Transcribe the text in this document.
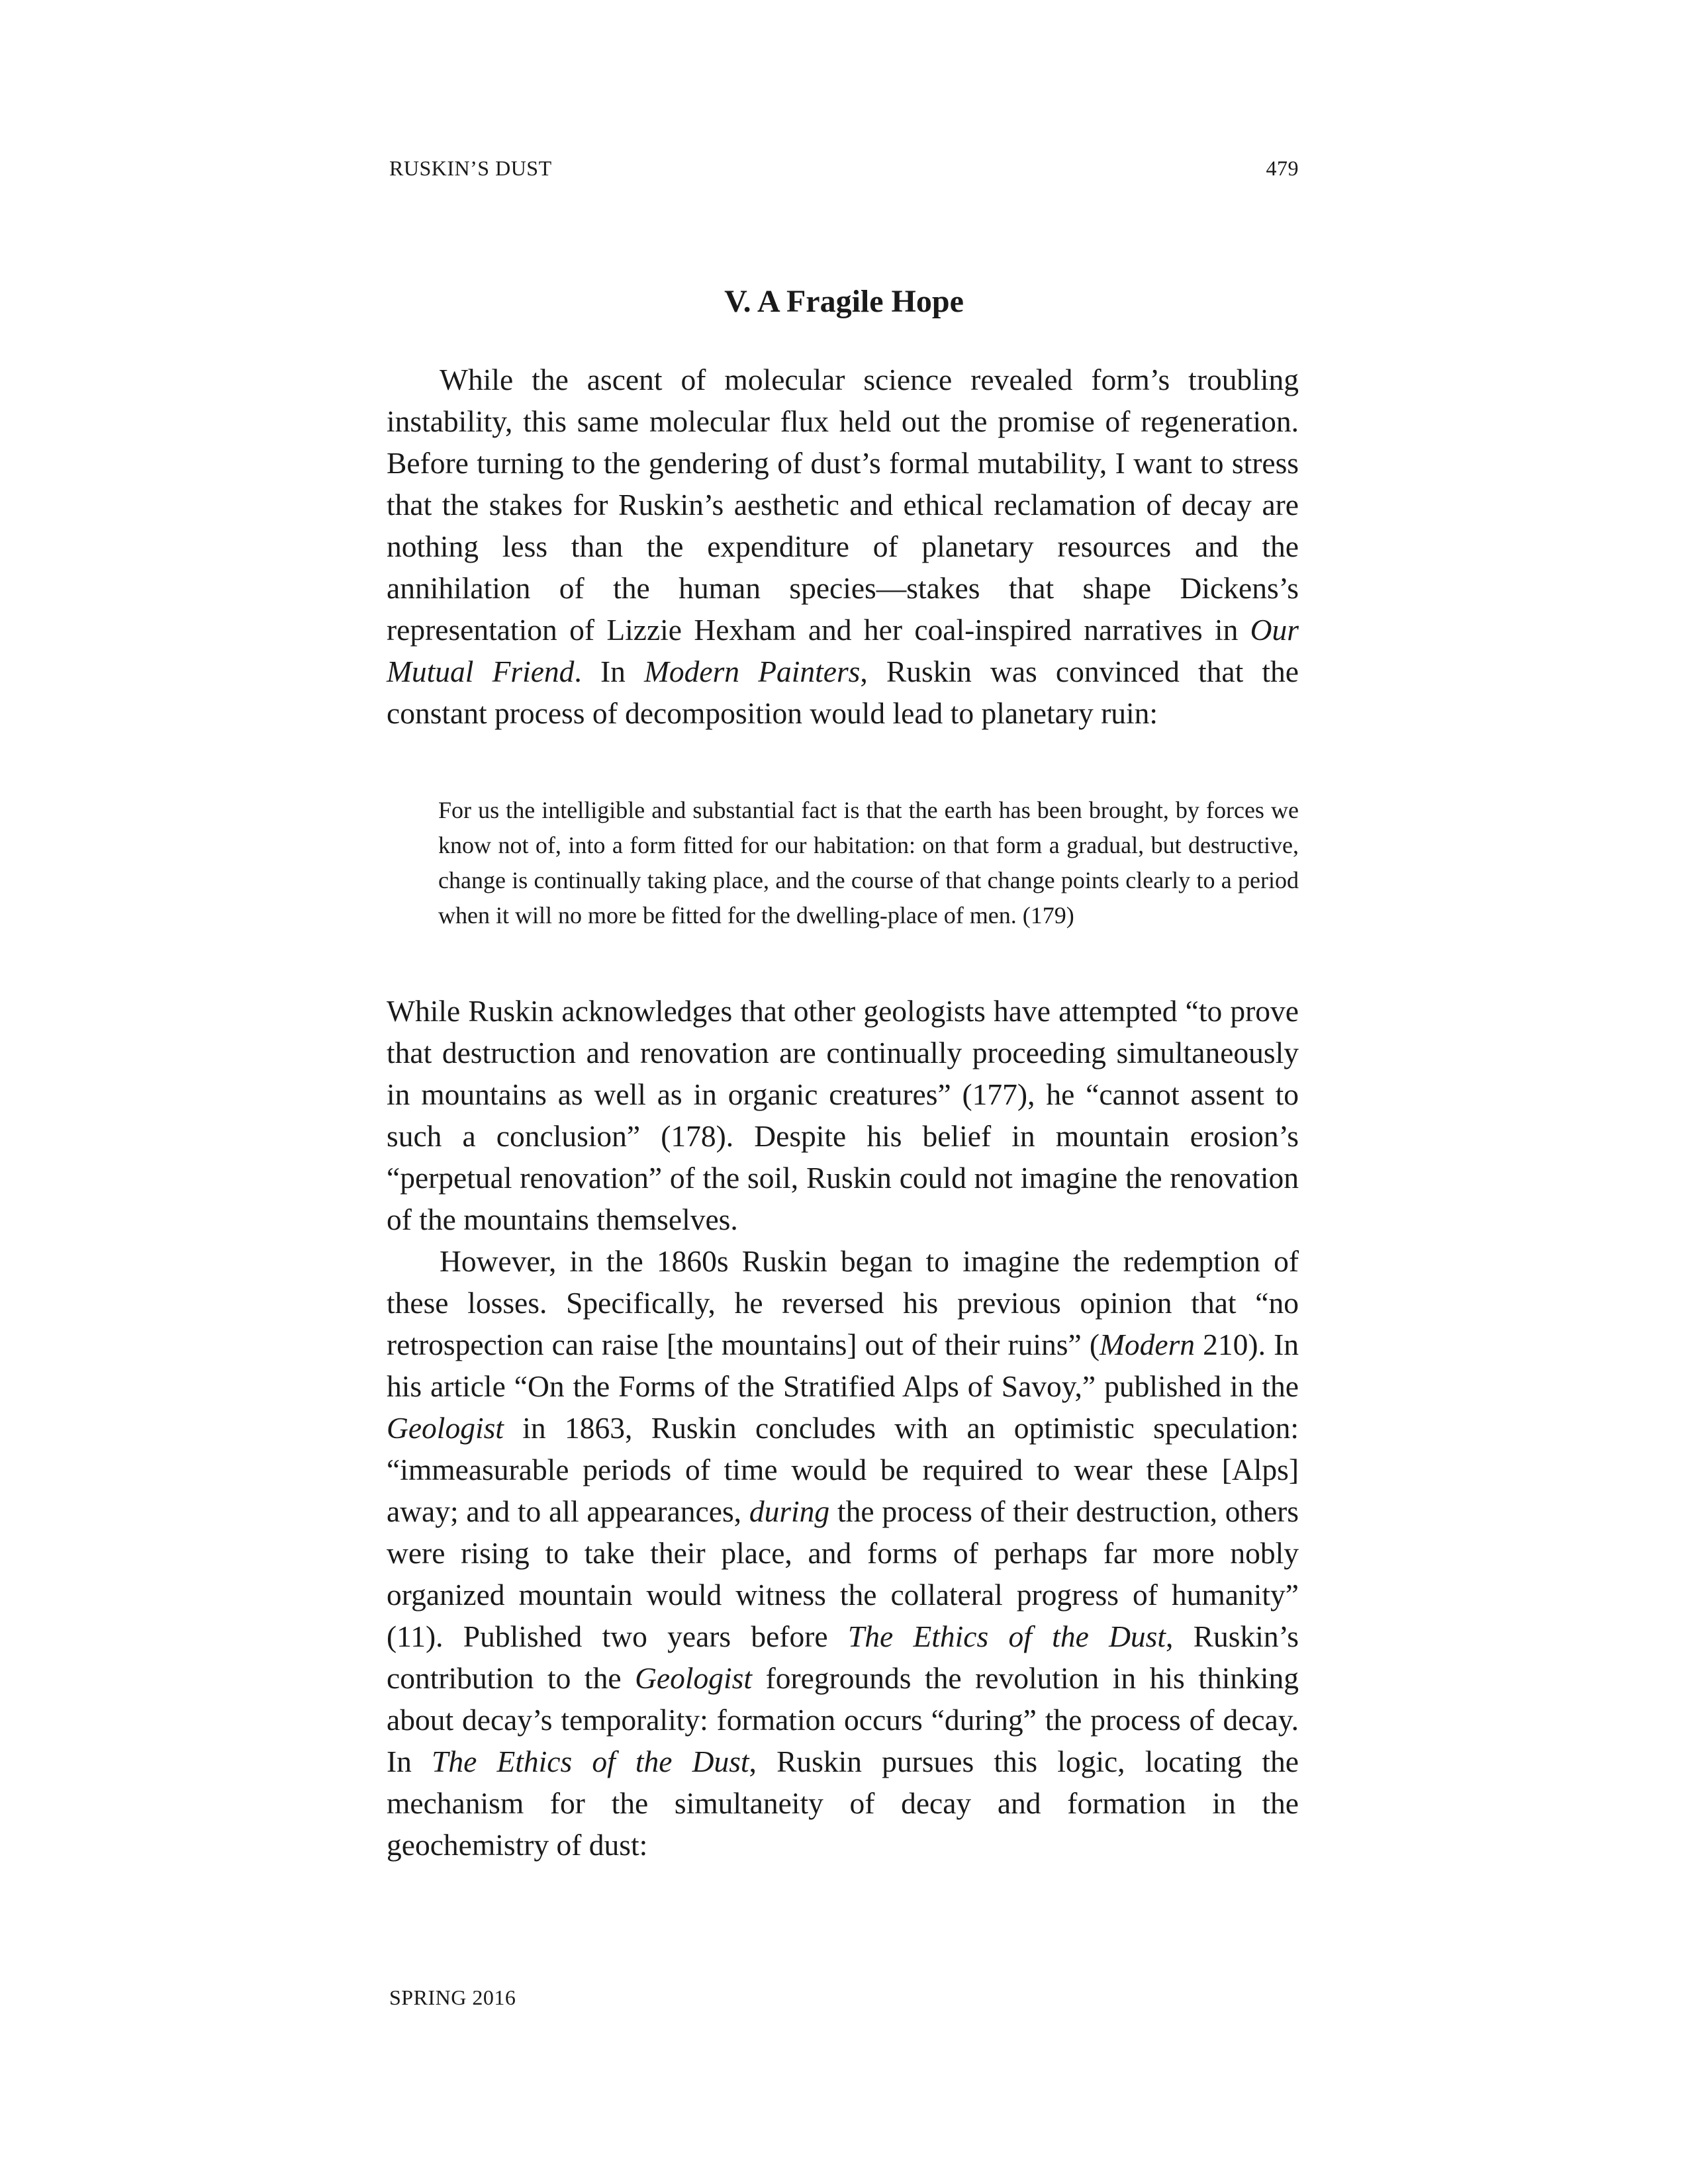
RUSKIN’S DUST	479
V. A Fragile Hope

While the ascent of molecular science revealed form’s troubling instability, this same molecular flux held out the promise of regeneration. Before turning to the gendering of dust’s formal mutability, I want to stress that the stakes for Ruskin’s aesthetic and ethical reclamation of decay are nothing less than the expenditure of planetary resources and the annihilation of the human species—stakes that shape Dickens’s representation of Lizzie Hexham and her coal-inspired narratives in Our Mutual Friend. In Modern Painters, Ruskin was convinced that the constant process of decomposition would lead to planetary ruin:

For us the intelligible and substantial fact is that the earth has been brought, by forces we know not of, into a form fitted for our habitation: on that form a gradual, but destructive, change is continually taking place, and the course of that change points clearly to a period when it will no more be fitted for the dwelling-place of men. (179)

While Ruskin acknowledges that other geologists have attempted “to prove that destruction and renovation are continually proceeding simultaneously in mountains as well as in organic creatures” (177), he “cannot assent to such a conclusion” (178). Despite his belief in mountain erosion’s “perpetual renovation” of the soil, Ruskin could not imagine the renovation of the mountains themselves.

However, in the 1860s Ruskin began to imagine the redemption of these losses. Specifically, he reversed his previous opinion that “no retrospection can raise [the mountains] out of their ruins” (Modern 210). In his article “On the Forms of the Stratified Alps of Savoy,” published in the Geologist in 1863, Ruskin concludes with an optimistic speculation: “immeasurable periods of time would be required to wear these [Alps] away; and to all appearances, during the process of their destruction, others were rising to take their place, and forms of perhaps far more nobly organized mountain would witness the collateral progress of humanity” (11). Published two years before The Ethics of the Dust, Ruskin’s contribution to the Geologist foregrounds the revolution in his thinking about decay’s temporality: formation occurs “during” the process of decay. In The Ethics of the Dust, Ruskin pursues this logic, locating the mechanism for the simultaneity of decay and formation in the geochemistry of dust:

SPRING 2016
